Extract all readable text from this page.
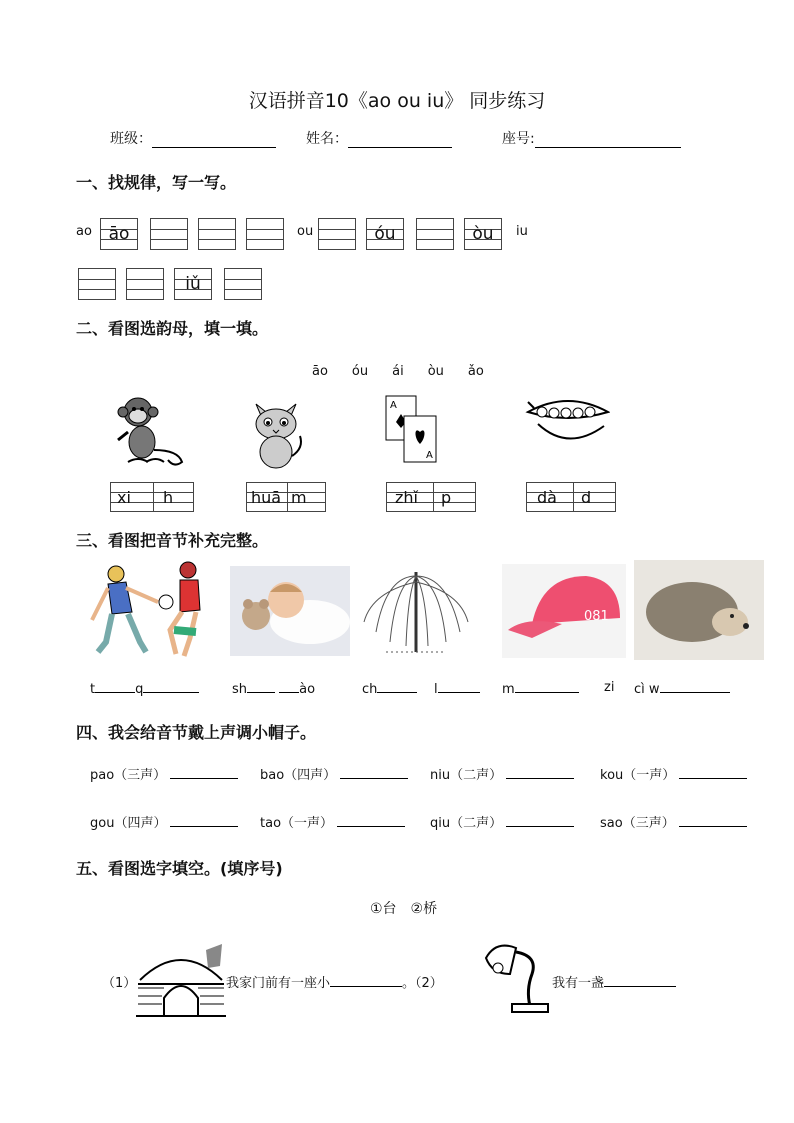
汉语拼音10《ao ou iu》 同步练习
班级：	姓名：	座号:
一、找规律，写一写。
ao āo	ou	óu	òu	iu
iǔ
二、看图选韵母，填一填。
āo óu ái òu ǎo
A
A
xi h	huā m	zhǐ p	dà d
三、看图把音节补充完整。
081
t	q	sh	ào	ch	l	m	zi cì w
四、我会给音节戴上声调小帽子。
pao（三声）	bao（四声）	niu（二声）	kou（一声）
gou（四声）	tao（一声）	qiu（二声）	sao（三声）
五、看图选字填空。(填序号)
①台　②桥
（1）	我家门前有一座小	。（2）	我有一盏
